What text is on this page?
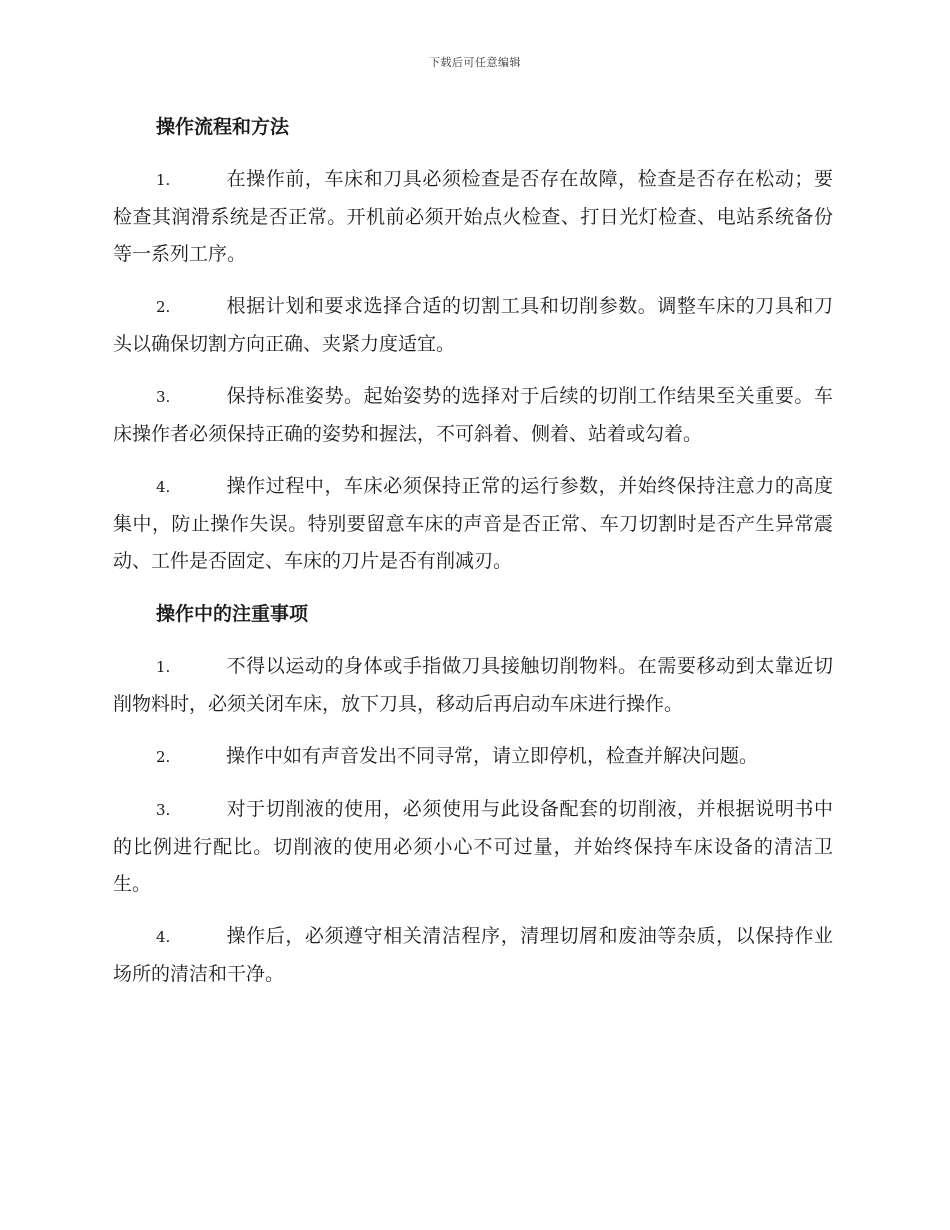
下载后可任意编辑
操作流程和方法

1.	在操作前，车床和刀具必须检查是否存在故障，检查是否存在松动；要检查其润滑系统是否正常。开机前必须开始点火检查、打日光灯检查、电站系统备份等一系列工序。

2.	根据计划和要求选择合适的切割工具和切削参数。调整车床的刀具和刀头以确保切割方向正确、夹紧力度适宜。

3.	保持标准姿势。起始姿势的选择对于后续的切削工作结果至关重要。车床操作者必须保持正确的姿势和握法，不可斜着、侧着、站着或勾着。

4.	操作过程中，车床必须保持正常的运行参数，并始终保持注意力的高度集中，防止操作失误。特别要留意车床的声音是否正常、车刀切割时是否产生异常震动、工件是否固定、车床的刀片是否有削减刃。

操作中的注重事项

1.	不得以运动的身体或手指做刀具接触切削物料。在需要移动到太靠近切削物料时，必须关闭车床，放下刀具，移动后再启动车床进行操作。

2.	操作中如有声音发出不同寻常，请立即停机，检查并解决问题。

3.	对于切削液的使用，必须使用与此设备配套的切削液，并根据说明书中的比例进行配比。切削液的使用必须小心不可过量，并始终保持车床设备的清洁卫生。

4.	操作后，必须遵守相关清洁程序，清理切屑和废油等杂质，以保持作业场所的清洁和干净。
